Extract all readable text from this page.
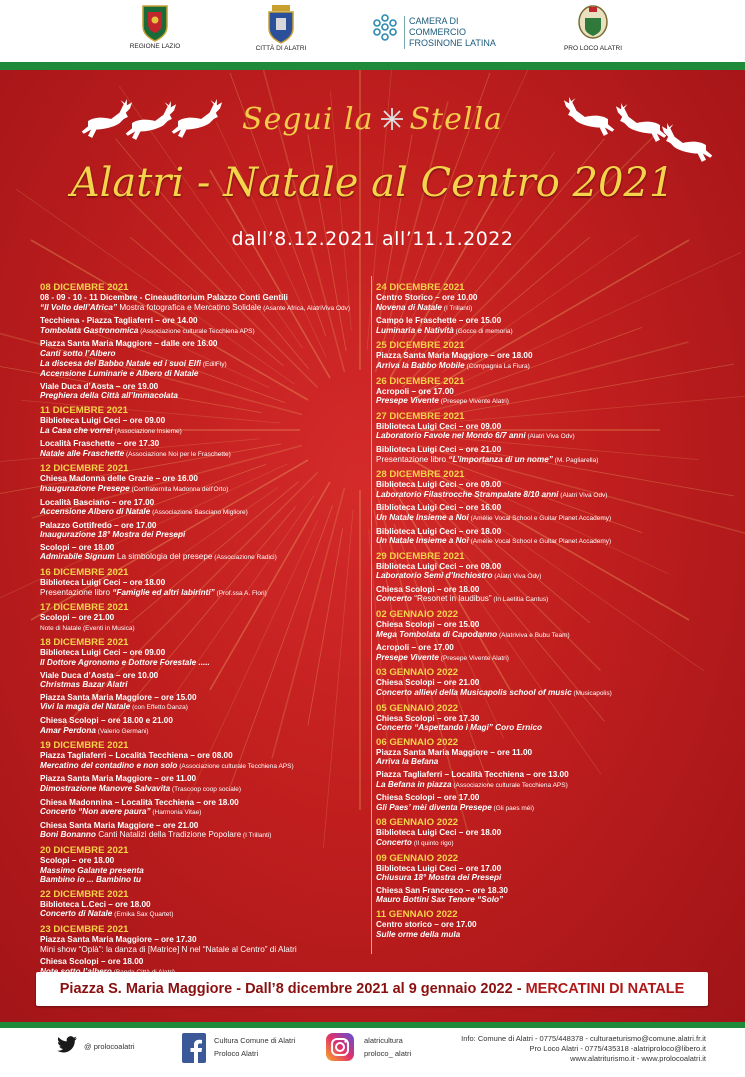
REGIONE LAZIO	CITTÀ DI ALATRI
CAMERA DI COMMERCIO
FROSINONE LATINA
PRO LOCO ALATRI
Segui la Stella
Alatri - Natale al Centro 2021
dall’8.12.2021 all’11.1.2022
08 DICEMBRE 2021
08 - 09 - 10 - 11 Dicembre - Cineauditorium Palazzo Conti Gentili
“Il Volto dell’Africa” Mostra fotografica e Mercatino Solidale (Asante Africa, AlatriViva Odv)
Tecchiena - Piazza Tagliaferri – ore 14.00
Tombolata Gastronomica (Associazione culturale Tecchiena APS)
Piazza Santa Maria Maggiore – dalle ore 16.00
Canti sotto l’Albero
La discesa del Babbo Natale ed i suoi Elfi (EdilFly)
Accensione Luminarie e Albero di Natale
Viale Duca d’Aosta – ore 19.00
Preghiera della Città all’Immacolata
11 DICEMBRE 2021
Biblioteca Luigi Ceci – ore 09.00
La Casa che vorrei (Associazione Insieme)
Località Fraschette – ore 17.30
Natale alle Fraschette (Associazione Noi per le Fraschette)
12 DICEMBRE 2021
Chiesa Madonna delle Grazie – ore 16.00
Inaugurazione Presepe (Confraternita Madonna dell’Orto)
Località Basciano – ore 17.00
Accensione Albero di Natale (Associazione Basciano Migliore)
Palazzo Gottifredo – ore 17.00
Inaugurazione 18° Mostra dei Presepi
Scolopi – ore 18.00
Admirabile Signum La simbologia del presepe (Associazione Radici)
16 DICEMBRE 2021
Biblioteca Luigi Ceci – ore 18.00
Presentazione libro “Famiglie ed altri labirinti” (Prof.ssa A. Flori)
17 DICEMBRE 2021
Scolopi – ore 21.00
Note di Natale (Eventi in Musica)
18 DICEMBRE 2021
Biblioteca Luigi Ceci – ore 09.00
Il Dottore Agronomo e Dottore Forestale .....
Viale Duca d’Aosta – ore 10.00
Christmas Bazar Alatri
Piazza Santa Maria Maggiore – ore 15.00
Vivi la magia del Natale (con Effetto Danza)
Chiesa Scolopi – ore 18.00 e 21.00
Amar Perdona (Valerio Germani)
19 DICEMBRE 2021
Piazza Tagliaferri – Località Tecchiena – ore 08.00
Mercatino del contadino e non solo (Associazione culturale Tecchiena APS)
Piazza Santa Maria Maggiore – ore 11.00
Dimostrazione Manovre Salvavita (Trascoop coop sociale)
Chiesa Madonnina – Località Tecchiena – ore 18.00
Concerto “Non avere paura” (Harmonia Vitae)
Chiesa Santa Maria Maggiore – ore 21.00
Boni Bonanno Canti Natalizi della Tradizione Popolare (I Trillanti)
20 DICEMBRE 2021
Scolopi – ore 18.00
Massimo Galante presenta
Bambino io ... Bambino tu
22 DICEMBRE 2021
Biblioteca L.Ceci – ore 18.00
Concerto di Natale (Ernika Sax Quartet)
23 DICEMBRE 2021
Piazza Santa Maria Maggiore – ore 17.30
Mini show “Oplà”: la danza di [Matrice] N nel “Natale al Centro” di Alatri
Chiesa Scolopi – ore 18.00
24 DICEMBRE 2021
Centro Storico – ore 10.00
Novena di Natale (I Trillanti)
Campo le Fraschette – ore 15.00
Luminaria e Natività (Gocce di memoria)
25 DICEMBRE 2021
Piazza Santa Maria Maggiore – ore 18.00
Arriva la Babbo Mobile (Compagnia La Fiura)
26 DICEMBRE 2021
Acropoli – ore 17.00
Presepe Vivente (Presepe Vivente Alatri)
27 DICEMBRE 2021
Biblioteca Luigi Ceci – ore 09.00
Laboratorio Favole nel Mondo 6/7 anni (Alatri Viva Odv)
Biblioteca Luigi Ceci – ore 21.00
Presentazione libro “L’importanza di un nome” (M. Pagliarella)
28 DICEMBRE 2021
Biblioteca Luigi Ceci – ore 09.00
Laboratorio Filastrocche Strampalate 8/10 anni (Alatri Viva Odv)
Biblioteca Luigi Ceci – ore 16.00
Un Natale Insieme a Noi (Amélie Vocal School e Guitar Planet Accademy)
Biblioteca Luigi Ceci – ore 18.00
Un Natale Insieme a Noi (Amélie Vocal School e Guitar Planet Accademy)
29 DICEMBRE 2021
Biblioteca Luigi Ceci – ore 09.00
Laboratorio Semi d’Inchiostro (Alatri Viva Odv)
Chiesa Scolopi – ore 18.00
Concerto “Resonet in laudibus” (In Laetitia Cantus)
02 GENNAIO 2022
Chiesa Scolopi – ore 15.00
Mega Tombolata di Capodanno (Alatriviva e Bubu Team)
Acropoli – ore 17.00
Presepe Vivente (Presepe Vivente Alatri)
03 GENNAIO 2022
Chiesa Scolopi – ore 21.00
Concerto allievi della Musicapolis school of music (Musicapolis)
05 GENNAIO 2022
Chiesa Scolopi – ore 17.30
Concerto “Aspettando i Magi” Coro Ernico
06 GENNAIO 2022
Piazza Santa Maria Maggiore – ore 11.00
Arriva la Befana
Piazza Tagliaferri – Località Tecchiena – ore 13.00
La Befana in piazza (Associazione culturale Tecchiena APS)
Chiesa Scolopi – ore 17.00
Gli Paes’ mèi diventa Presepe (Gli paes méi)
08 GENNAIO 2022
Biblioteca Luigi Ceci – ore 18.00
Concerto (Il quinto rigo)
09 GENNAIO 2022
Biblioteca Luigi Ceci – ore 17.00
Chiusura 18° Mostra dei Presepi
Chiesa San Francesco – ore 18.30
Mauro Bottini Sax Tenore “Solo”
11 GENNAIO 2022
Centro storico – ore 17.00
Sulle orme della mula
Piazza S. Maria Maggiore - Dall’8 dicembre 2021 al 9 gennaio 2022 - MERCATINI DI NATALE
@ prolocoalatri
Cultura Comune di Alatri
Proloco Alatri
alatricultura
proloco_ alatri
Info: Comune di Alatri - 0775/448378 - culturaeturismo@comune.alatri.fr.it
Pro Loco Alatri - 0775/435318 -alatriproloco@libero.it
www.alatriturismo.it - www.prolocoalatri.it
